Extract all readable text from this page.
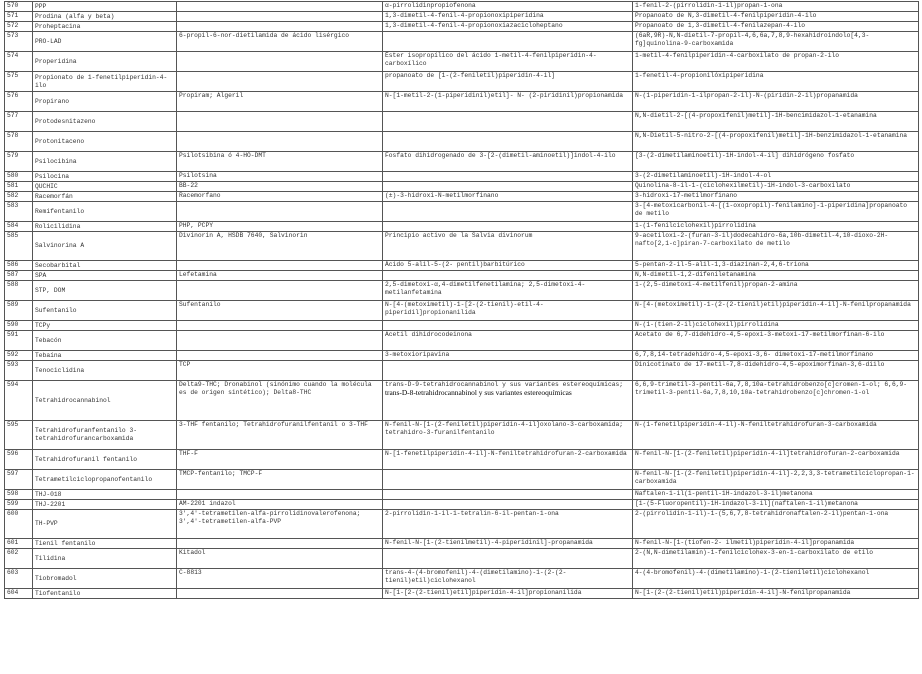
570	PPP		α-pirrolidinpropiofenona	1-fenil-2-(pirrolidin-1-il)propan-1-ona
571	Prodina (alfa y beta)		1,3-dimetil-4-fenil-4-propionoxipiperidina	Propanoato de N,3-dimetil-4-fenilpiperidin-4-ilo
572	Proheptacina		1,3-dimetil-4-fenil-4-propionoxiazacicloheptano	Propanoato de 1,3-dimetil-4-fenilazepan-4-ilo
573	PRO-LAD	6-propil-6-nor-dietilamida de ácido lisérgico		(6aR,9R)-N,N-dietil-7-propil-4,6,6a,7,8,9-hexahidroindolo[4,3-fg]quinolina-9-carboxamida
574	Properidina		Éster isopropílico del ácido 1-metil-4-fenilpiperidin-4-carboxílico	1-metil-4-fenilpiperidin-4-carboxilato de propan-2-ilo
575	Propionato de 1-fenetilpiperidin-4-ilo		propanoato de [1-(2-feniletil)piperidin-4-il]	1-fenetil-4-propionilóxipiperidina
576	Propirano	Propiram; Algeril	N-[1-metil-2-(1-piperidinil)etil]- N- (2-piridinil)propionamida	N-(1-piperidin-1-ilpropan-2-il)-N-(piridin-2-il)propanamida
577	Protodesnitazeno			N,N-dietil-2-[(4-propoxifenil)metil]-1H-bencimidazol-1-etanamina
578	Protonitaceno			N,N-Dietil-5-nitro-2-[(4-propoxifenil)metil]-1H-benzimidazol-1-etanamina
579	Psilocibina	Psilotsibina ó 4-HO-DMT	Fosfato dihidrogenado de 3-[2-(dimetil-aminoetil)]indol-4-ilo	[3-(2-dimetilaminoetil)-1H-indol-4-il] dihidrógeno fosfato
580	Psilocina	Psilotsina		3-(2-dimetilaminoetil)-1H-indol-4-ol
581	QUCHIC	BB-22		Quinolina-8-il-1-(ciclohexilmetil)-1H-indol-3-carboxilato
582	Racemorfán	Racemorfano	(±)-3-hidroxi-N-metilmorfinano	3-hidroxi-17-metilmorfinano
583	Remifentanilo			3-[4-metoxicarbonil-4-[(1-oxopropil)-fenilamino]-1-piperidina]propanoato de metilo
584	Rolicilidina	PHP, PCPY		1-(1-fenilciclohexil)pirrolidina
585	Salvinorina A	Divinorin A, HSDB 7640, Salvinorin	Principio activo de la Salvia divinorum	9-acetiloxi-2-(furan-3-il)dodecahidro-6a,10b-dimetil-4,10-dioxo-2H-nafto[2,1-c]piran-7-carboxilato de metilo
586	Secobarbital		Ácido 5-alil-5-(2- pentil)barbitúrico	5-pentan-2-il-5-alil-1,3-diazinan-2,4,6-triona
587	SPA	Lefetamina		N,N-dimetil-1,2-difeniletanamina
588	STP, DOM		2,5-dimetoxi-α,4-dimetilfenetilamina; 2,5-dimetoxi-4-metilanfetamina	1-(2,5-dimetoxi-4-metilfenil)propan-2-amina
589	Sufentanilo	Sufentanilo	N-[4-(metoximetil)-1-[2-(2-tienil)-etil-4-piperidil]propionanilida	N-[4-(metoximetil)-1-(2-(2-tienil)etil)piperidin-4-il]-N-fenilpropanamida
590	TCPy			N-(1-(tien-2-il)ciclohexil)pirrolidina
591	Tebacón		Acetil dihidrocodeinona	Acetato de 6,7-didehidro-4,5-epoxi-3-metoxi-17-metilmorfinan-6-ilo
592	Tebaína		3-metoxioripavina	6,7,8,14-tetradehidro-4,5-epoxi-3,6- dimetoxi-17-metilmorfinano
593	Tenociclidina	TCP		Dinicotinato de 17-metil-7,8-didehidro-4,5-epoximorfinan-3,6-diilo
594	Tetrahidrocannabinol	Delta9-THC; Dronabinol (sinónimo cuando la molécula es de origen sintético); Delta8-THC	trans-D-9-tetrahidrocannabinol y sus variantes estereoquímicas; trans-D-8-tetrahidrocannabinol y sus variantes estereoquímicas	6,6,9-trimetil-3-pentil-6a,7,8,10a-tetrahidrobenzo[c]cromen-1-ol; 6,6,9-trimetil-3-pentil-6a,7,8,10,10a-tetrahidrobenzo[c]chromen-1-ol
595	Tetrahidrofuranfentanilo 3-tetrahidrofurancarboxamida	3-THF fentanilo; Tetrahidrofuranilfentanil o 3-THF	N-fenil-N-[1-(2-feniletil)piperidin-4-il]oxolano-3-carboxamida; tetrahidro-3-furanilfentanilo	N-(1-fenetilpiperidin-4-il)-N-feniltetrahidrofuran-3-carboxamida
596	Tetrahidrofuranil fentanilo	THF-F	N-[1-fenetilpiperidin-4-il]-N-feniltetrahidrofuran-2-carboxamida	N-fenil-N-[1-(2-feniletil)piperidin-4-il]tetrahidrofuran-2-carboxamida
597	Tetrametilciclopropanofentanilo	TMCP-fentanilo; TMCP-F		N-fenil-N-[1-(2-feniletil)piperidin-4-il]-2,2,3,3-tetrametilciclopropan-1-carboxamida
598	THJ-018			Naftalen-1-il(1-pentil-1H-indazol-3-il)metanona
599	THJ-2201	AM-2201 indazol		[1-(5-Fluoropentil)-1H-indazol-3-il](naftalen-1-il)metanona
600	TH-PVP	3',4'-tetrametilen-alfa-pirrolidinovalerofenona; 3',4'-tetrametilen-alfa-PVP	2-pirrolidin-1-il-1-tetralin-6-il-pentan-1-ona	2-(pirrolidin-1-il)-1-(5,6,7,8-tetrahidronaftalen-2-il)pentan-1-ona
601	Tienil fentanilo		N-fenil-N-[1-(2-tienilmetil)-4-piperidinil]-propanamida	N-fenil-N-[1-(tiofen-2- ilmetil)piperidin-4-il]propanamida
602	Tilidina	Kitadol		2-(N,N-dimetilamin)-1-fenilciclohex-3-en-1-carboxilato de etilo
603	Tiobromadol	C-8813	trans-4-(4-bromofenil)-4-(dimetilamino)-1-(2-(2-tienil)etil)ciclohexanol	4-(4-bromofenil)-4-(dimetilamino)-1-(2-tieniletil)ciclohexanol
604	Tiofentanilo		N-[1-[2-(2-tienil)etil]piperidin-4-il]propionanilida	N-[1-(2-(2-tienil)etil)piperidin-4-il]-N-fenilpropanamida
